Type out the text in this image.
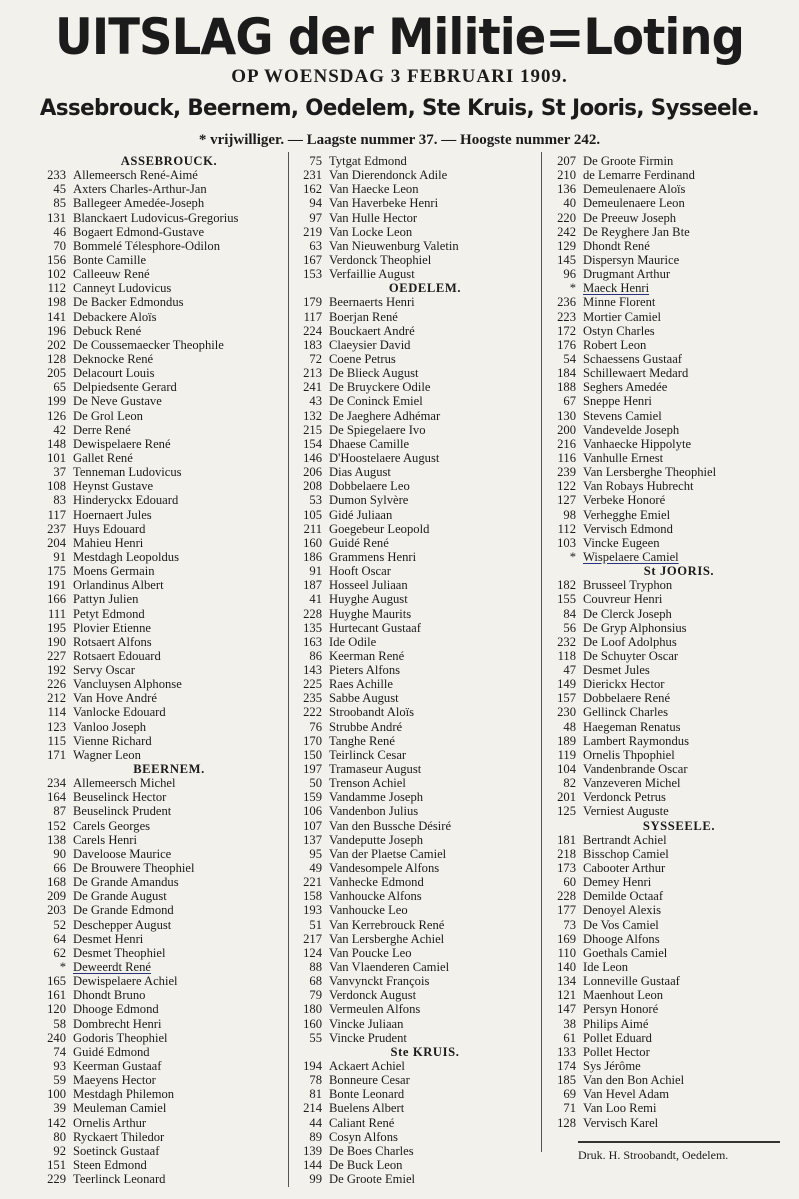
UITSLAG der Militie=Loting
OP WOENSDAG 3 FEBRUARI 1909.
Assebrouck, Beernem, Oedelem, Ste Kruis, St Jooris, Sysseele.
* vrijwilliger. — Laagste nummer 37. — Hoogste nummer 242.
ASSEBROUCK.
233 Allemeersch René-Aimé
45 Axters Charles-Arthur-Jan
85 Ballegeer Amedée-Joseph
131 Blanckaert Ludovicus-Gregorius
46 Bogaert Edmond-Gustave
70 Bommelé Télesphore-Odilon
156 Bonte Camille
102 Calleeuw René
112 Canneyt Ludovicus
198 De Backer Edmondus
141 Debackere Aloïs
196 Debuck René
202 De Coussemaecker Theophile
128 Deknocke René
205 Delacourt Louis
65 Delpiedsente Gerard
199 De Neve Gustave
126 De Grol Leon
42 Derre René
148 Dewispelaere René
101 Gallet René
37 Tenneman Ludovicus
108 Heynst Gustave
83 Hinderyckx Edouard
117 Hoernaert Jules
237 Huys Edouard
204 Mahieu Henri
91 Mestdagh Leopoldus
175 Moens Germain
191 Orlandinus Albert
166 Pattyn Julien
111 Petyt Edmond
195 Plovier Etienne
190 Rotsaert Alfons
227 Rotsaert Edouard
192 Servy Oscar
226 Vancluysen Alphonse
212 Van Hove André
114 Vanlocke Edouard
123 Vanloo Joseph
115 Vienne Richard
171 Wagner Leon
BEERNEM.
234 Allemeersch Michel
164 Beuselinck Hector
87 Beuselinck Prudent
152 Carels Georges
138 Carels Henri
90 Daveloose Maurice
66 De Brouwere Theophiel
168 De Grande Amandus
209 De Grande August
203 De Grande Edmond
52 Deschepper August
64 Desmet Henri
62 Desmet Theophiel
* Deweerdt René
165 Dewispelaere Achiel
161 Dhondt Bruno
120 Dhooge Edmond
58 Dombrecht Henri
240 Godoris Theophiel
74 Guidé Edmond
93 Keerman Gustaaf
59 Maeyens Hector
100 Mestdagh Philemon
39 Meuleman Camiel
142 Ornelis Arthur
80 Ryckaert Thiledor
92 Soetinck Gustaaf
151 Steen Edmond
229 Teerlinck Leonard
75 Tytgat Edmond
231 Van Dierendonck Adile
162 Van Haecke Leon
94 Van Haverbeke Henri
97 Van Hulle Hector
219 Van Locke Leon
63 Van Nieuwenburg Valetin
167 Verdonck Theophiel
153 Verfaillie August
OEDELEM.
179 Beernaerts Henri
117 Boerjan René
224 Bouckaert André
183 Claeysier David
72 Coene Petrus
213 De Blieck August
241 De Bruyckere Odile
43 De Coninck Emiel
132 De Jaeghere Adhémar
215 De Spiegelaere Ivo
154 Dhaese Camille
146 D'Hoostelaere August
206 Dias August
208 Dobbelaere Leo
53 Dumon Sylvère
105 Gidé Juliaan
211 Goegebeur Leopold
160 Guidé René
186 Grammens Henri
91 Hooft Oscar
187 Hosseel Juliaan
41 Huyghe August
228 Huyghe Maurits
135 Hurtecant Gustaaf
163 Ide Odile
86 Keerman René
143 Pieters Alfons
225 Raes Achille
235 Sabbe August
222 Stroobandt Aloïs
76 Strubbe André
170 Tanghe René
150 Teirlinck Cesar
197 Tramaseur August
50 Trenson Achiel
159 Vandamme Joseph
106 Vandenbon Julius
107 Van den Bussche Désiré
137 Vandeputte Joseph
95 Van der Plaetse Camiel
49 Vandesompele Alfons
221 Vanhecke Edmond
158 Vanhoucke Alfons
193 Vanhoucke Leo
51 Van Kerrebrouck René
217 Van Lersberghe Achiel
124 Van Poucke Leo
88 Van Vlaenderen Camiel
68 Vanvynckt François
79 Verdonck August
180 Vermeulen Alfons
160 Vincke Juliaan
55 Vincke Prudent
Ste KRUIS.
194 Ackaert Achiel
78 Bonneure Cesar
81 Bonte Leonard
214 Buelens Albert
44 Caliant René
89 Cosyn Alfons
139 De Boes Charles
144 De Buck Leon
99 De Groote Emiel
207 De Groote Firmin
210 de Lemarre Ferdinand
136 Demeulenaere Aloïs
40 Demeulenaere Leon
220 De Preeuw Joseph
242 De Reyghere Jan Bte
129 Dhondt René
145 Dispersyn Maurice
96 Drugmant Arthur
* Maeck Henri
236 Minne Florent
223 Mortier Camiel
172 Ostyn Charles
176 Robert Leon
54 Schaessens Gustaaf
184 Schillewaert Medard
188 Seghers Amedée
67 Sneppe Henri
130 Stevens Camiel
200 Vandevelde Joseph
216 Vanhaecke Hippolyte
116 Vanhulle Ernest
239 Van Lersberghe Theophiel
122 Van Robays Hubrecht
127 Verbeke Honoré
98 Verhegghe Emiel
112 Vervisch Edmond
103 Vincke Eugeen
* Wispelaere Camiel
St JOORIS.
182 Brusseel Tryphon
155 Couvreur Henri
84 De Clerck Joseph
56 De Gryp Alphonsius
232 De Loof Adolphus
118 De Schuyter Oscar
47 Desmet Jules
149 Dierickx Hector
157 Dobbelaere René
230 Gellinck Charles
48 Haegeman Renatus
189 Lambert Raymondus
119 Ornelis Thpophiel
104 Vandenbrande Oscar
82 Vanzeveren Michel
201 Verdonck Petrus
125 Verniest Auguste
SYSSEELE.
181 Bertrandt Achiel
218 Bisschop Camiel
173 Cabooter Arthur
60 Demey Henri
228 Demilde Octaaf
177 Denoyel Alexis
73 De Vos Camiel
169 Dhooge Alfons
110 Goethals Camiel
140 Ide Leon
134 Lonneville Gustaaf
121 Maenhout Leon
147 Persyn Honoré
38 Philips Aimé
61 Pollet Eduard
133 Pollet Hector
174 Sys Jérôme
185 Van den Bon Achiel
69 Van Hevel Adam
71 Van Loo Remi
128 Vervisch Karel
Druk. H. Stroobandt, Oedelem.
